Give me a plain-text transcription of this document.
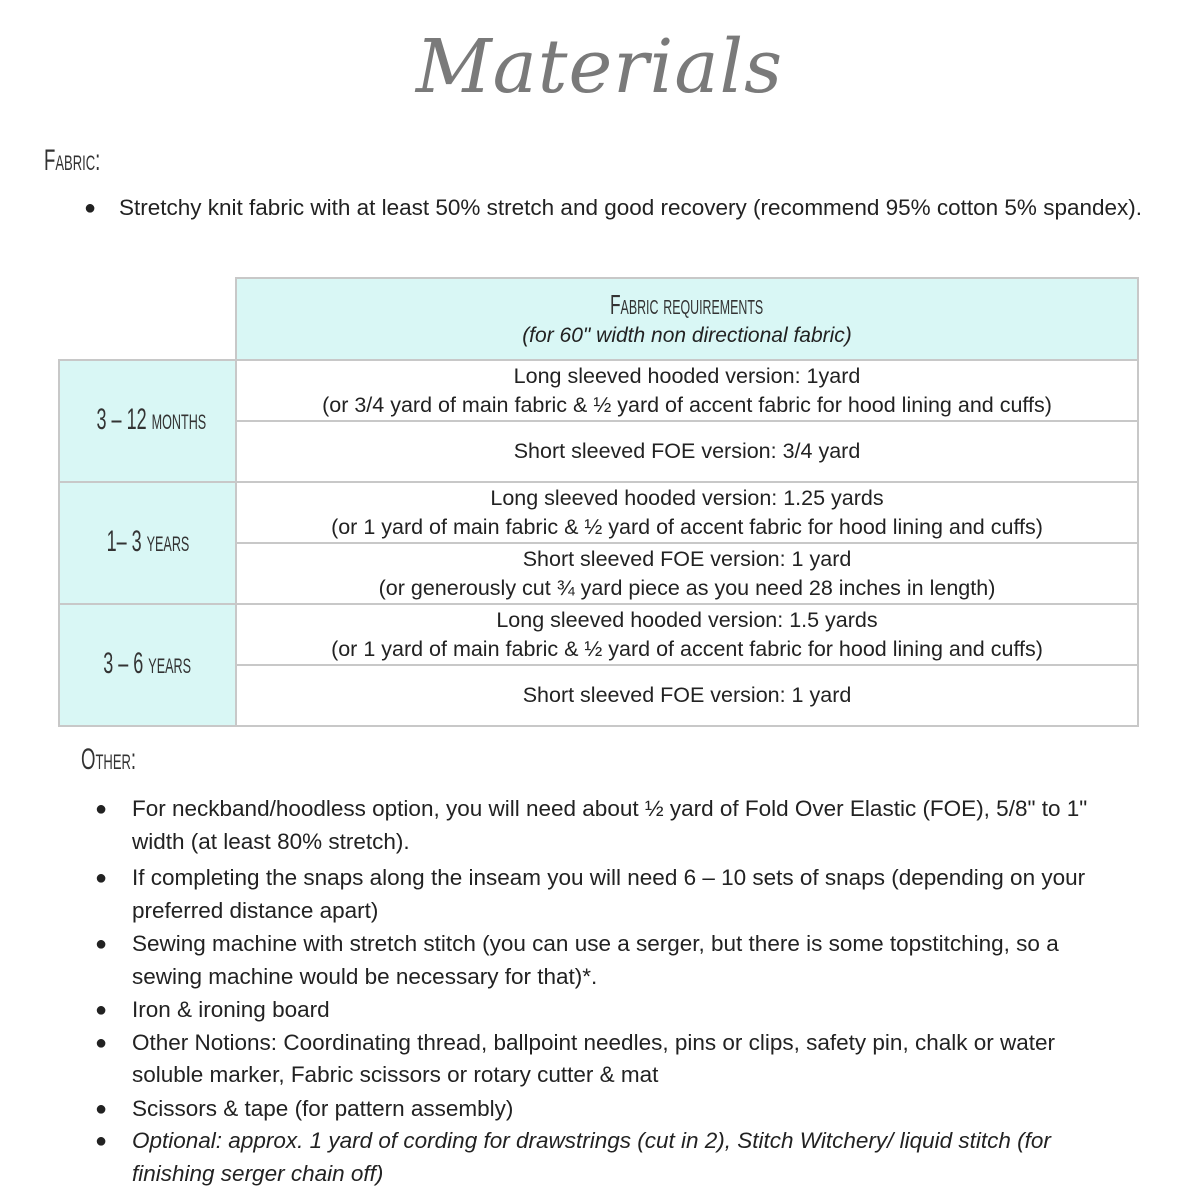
Materials
Fabric:
● Stretchy knit fabric with at least 50% stretch and good recovery (recommend 95% cotton 5% spandex).

	Fabric requirements
(for 60" width non directional fabric)

3 – 12 months	Long sleeved hooded version: 1yard
(or 3/4 yard of main fabric & ½ yard of accent fabric for hood lining and cuffs)

	Short sleeved FOE version: 3/4 yard

1– 3 years	Long sleeved hooded version: 1.25 yards
(or 1 yard of main fabric & ½ yard of accent fabric for hood lining and cuffs)

	Short sleeved FOE version: 1 yard
(or generously cut ¾ yard piece as you need 28 inches in length)

3 – 6 years	Long sleeved hooded version: 1.5 yards
(or 1 yard of main fabric & ½ yard of accent fabric for hood lining and cuffs)

	Short sleeved FOE version: 1 yard
Other:
● For neckband/hoodless option, you will need about ½ yard of Fold Over Elastic (FOE), 5/8" to 1" width (at least 80% stretch).
● If completing the snaps along the inseam you will need 6 – 10 sets of snaps (depending on your preferred distance apart)
● Sewing machine with stretch stitch (you can use a serger, but there is some topstitching, so a sewing machine would be necessary for that)*.
● Iron & ironing board
● Other Notions: Coordinating thread, ballpoint needles, pins or clips, safety pin, chalk or water soluble marker, Fabric scissors or rotary cutter & mat
● Scissors & tape (for pattern assembly)
● Optional: approx. 1 yard of cording for drawstrings (cut in 2), Stitch Witchery/ liquid stitch (for finishing serger chain off)
